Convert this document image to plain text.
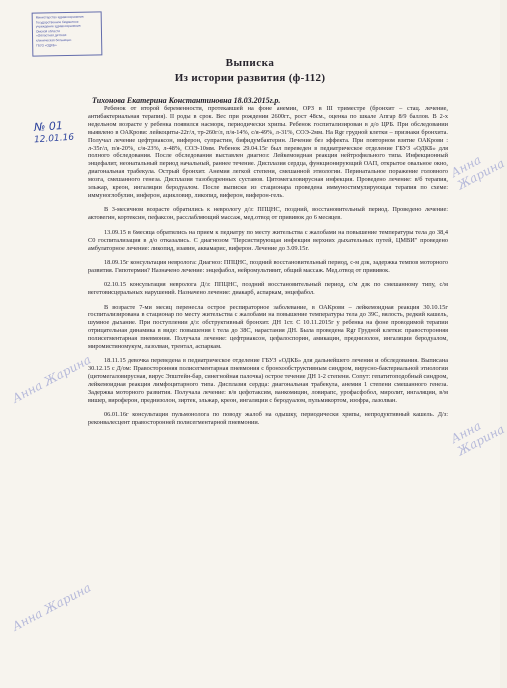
Министерство здравоохранения
Государственное бюджетное
учреждение здравоохранения
Омской области
«Областная детская
клиническая больница»
ГБУЗ «ОДКБ»
№ 01
12.01.16
Анна Жарина
Анна Жарина
Анна Жарина
Анна Жарина
Выписка
Из истории развития (ф-112)
Тихонова Екатерина Константиновна 18.03.2015г.р.

Ребенок от второй беременности, протекавшей на фоне анемии, ОРЗ в III триместре (бронхит – стац. лечение, антибактериальная терапия). II роды в срок. Вес при рождении 2600гг., рост 48см., оценка по шкале Апгар 8/9 баллов. В 2-х недельном возрасте у ребенка появился насморк, периодически хрипы. Ребенок госпитализирован в д/о ЦРБ. При обследовании выявлено в ОАКрови: лейкоциты-22г/л, тр-260г/л, п/я-14%, с/я-49%, л-31%, СОЭ-2мм. На Rgr грудной клетки – признаки бронхита. Получал лечение цефтриаксон, виферон, супрастин, бифидумбактерин. Лечение без эффекта. При повторном взятие ОАКрови : л-35г/л, п/я-20%, с/я-23%, л-48%, СОЭ-10мм. Ребенок 29.04.15г был переведен в педиатрическое отделение ГБУЗ «ОДКБ» для полного обследования. После обследования выставлен диагноз: Лейкемоидная реакция нейтрофильного типа. Инфекционный энцефалит, неонатальный период начальный, раннее течение. Дисплазия сердца, функционирующий ОАП, открытое овальное окно, диагональная трабекула. Острый бронхит. Анемия легкой степени, смешанной этиологии. Перинатальное поражение головного мозга, смешанного генеза. Дисплазия тазобедренных суставов. Цитомегаловирусная инфекция. Проведено лечение: в/б терапия, эльжар, креон, ингаляции беродуалом. После выписки из стационара проведена иммуностимулирующая терапия по схеме: иммуноглобулин, инферон, ацикловир, ликопид, виферон, виферон-гель.

В 3-месячном возрасте обратились к неврологу д/з: ППЦНС, поздний, восстановительный период. Проведено лечение: актовегин, кортексин, пефаксон, расслабляющий массаж, мед.отвод от прививок до 6 месяцев.

13.09.15 в 6месяца обратились на прием к педиатру по месту жительства с жалобами на повышение температуры тела до 38,4 С0 госпитализация в д/о отказались. С диагнозом "Персистирующая инфекция верхних дыхательных путей, ЦМВИ" проведено амбулаторное лечение: ликопид, изавин, аквамарис, виферон. Лечение до 3.09.15г.

18.09.15г консультация невролога: Диагноз: ППЦНС, поздний восстановительный период, с-м дзк, задержка темпов моторного развития. Гипотермия? Назначено лечение: энцефабол, нейромультивит, общий массаж. Мед.отвод от прививок.

02.10.15 консультация невролога Д/з: ППЦНС, поздний восстановительный период, с/м дзк по смешанному типу, с/м вегетовисцеральных нарушений. Назначено лечение: диакарб, аспаркам, энцефабол.

В возрасте 7-ми месяц перенесла острое респираторное заболевание, в ОАКрови – лейкемоидная реакция 30.10.15г госпитализирована в стационар по месту жительства с жалобами на повышение температуры тела до 39С, вялость, редкий кашель, шумное дыхание. При поступлении д/з: обструктивный бронхит. ДН 1ст. С 10.11.2015г у ребенка на фоне проводимой терапии отрицательная динамика в виде: повышения t тела до 38С, нарастания ДН. Была проведена Rgr Грудной клетки: правосторонняя полисегментарная пневмония. Получала лечение: цефтриаксон, цефалоспорин, амикацин, преднизолон, ингаляции беродуалом, миромистиномукум, лазолван, трентал, аспаркам.

18.11.15 девочка переведена в педиатрическое отделение ГБУЗ «ОДКБ» для дальнейшего лечения и обследования. Выписана 30.12.15 с Д/ом: Правосторонняя полисегментарная пневмония с бронхообструктивным синдром, вирусно-бактериальной этиологии (цитомегаловирусная, вирус Эпштейн-бар, синегнойная палочка) острое течение ДН 1-2 степени. Сопут: гепатитоподобный синдром, лейкемоидная реакция лимфоцитарного типа. Дисплазия сердца: диагональная трабекула, анемия 1 степени смешанного генеза. Задержка моторного развития. Получала лечение: в/в цефотаксим, ванкомицин, ловирапс, урофасфобол, миролит, ингаляции, в/м вишер, вироферон, преднизолон, зиртек, эльжар, креон, ингаляции с беродуалом, пульмикортом, изофра, лазолван.

06.01.16г консультация пульмонолога по поводу жалоб на одышку, периодически хрипы, непродуктивный кашель. Д/з: реконвалесцент правосторонней полисегментарной пневмонии.
